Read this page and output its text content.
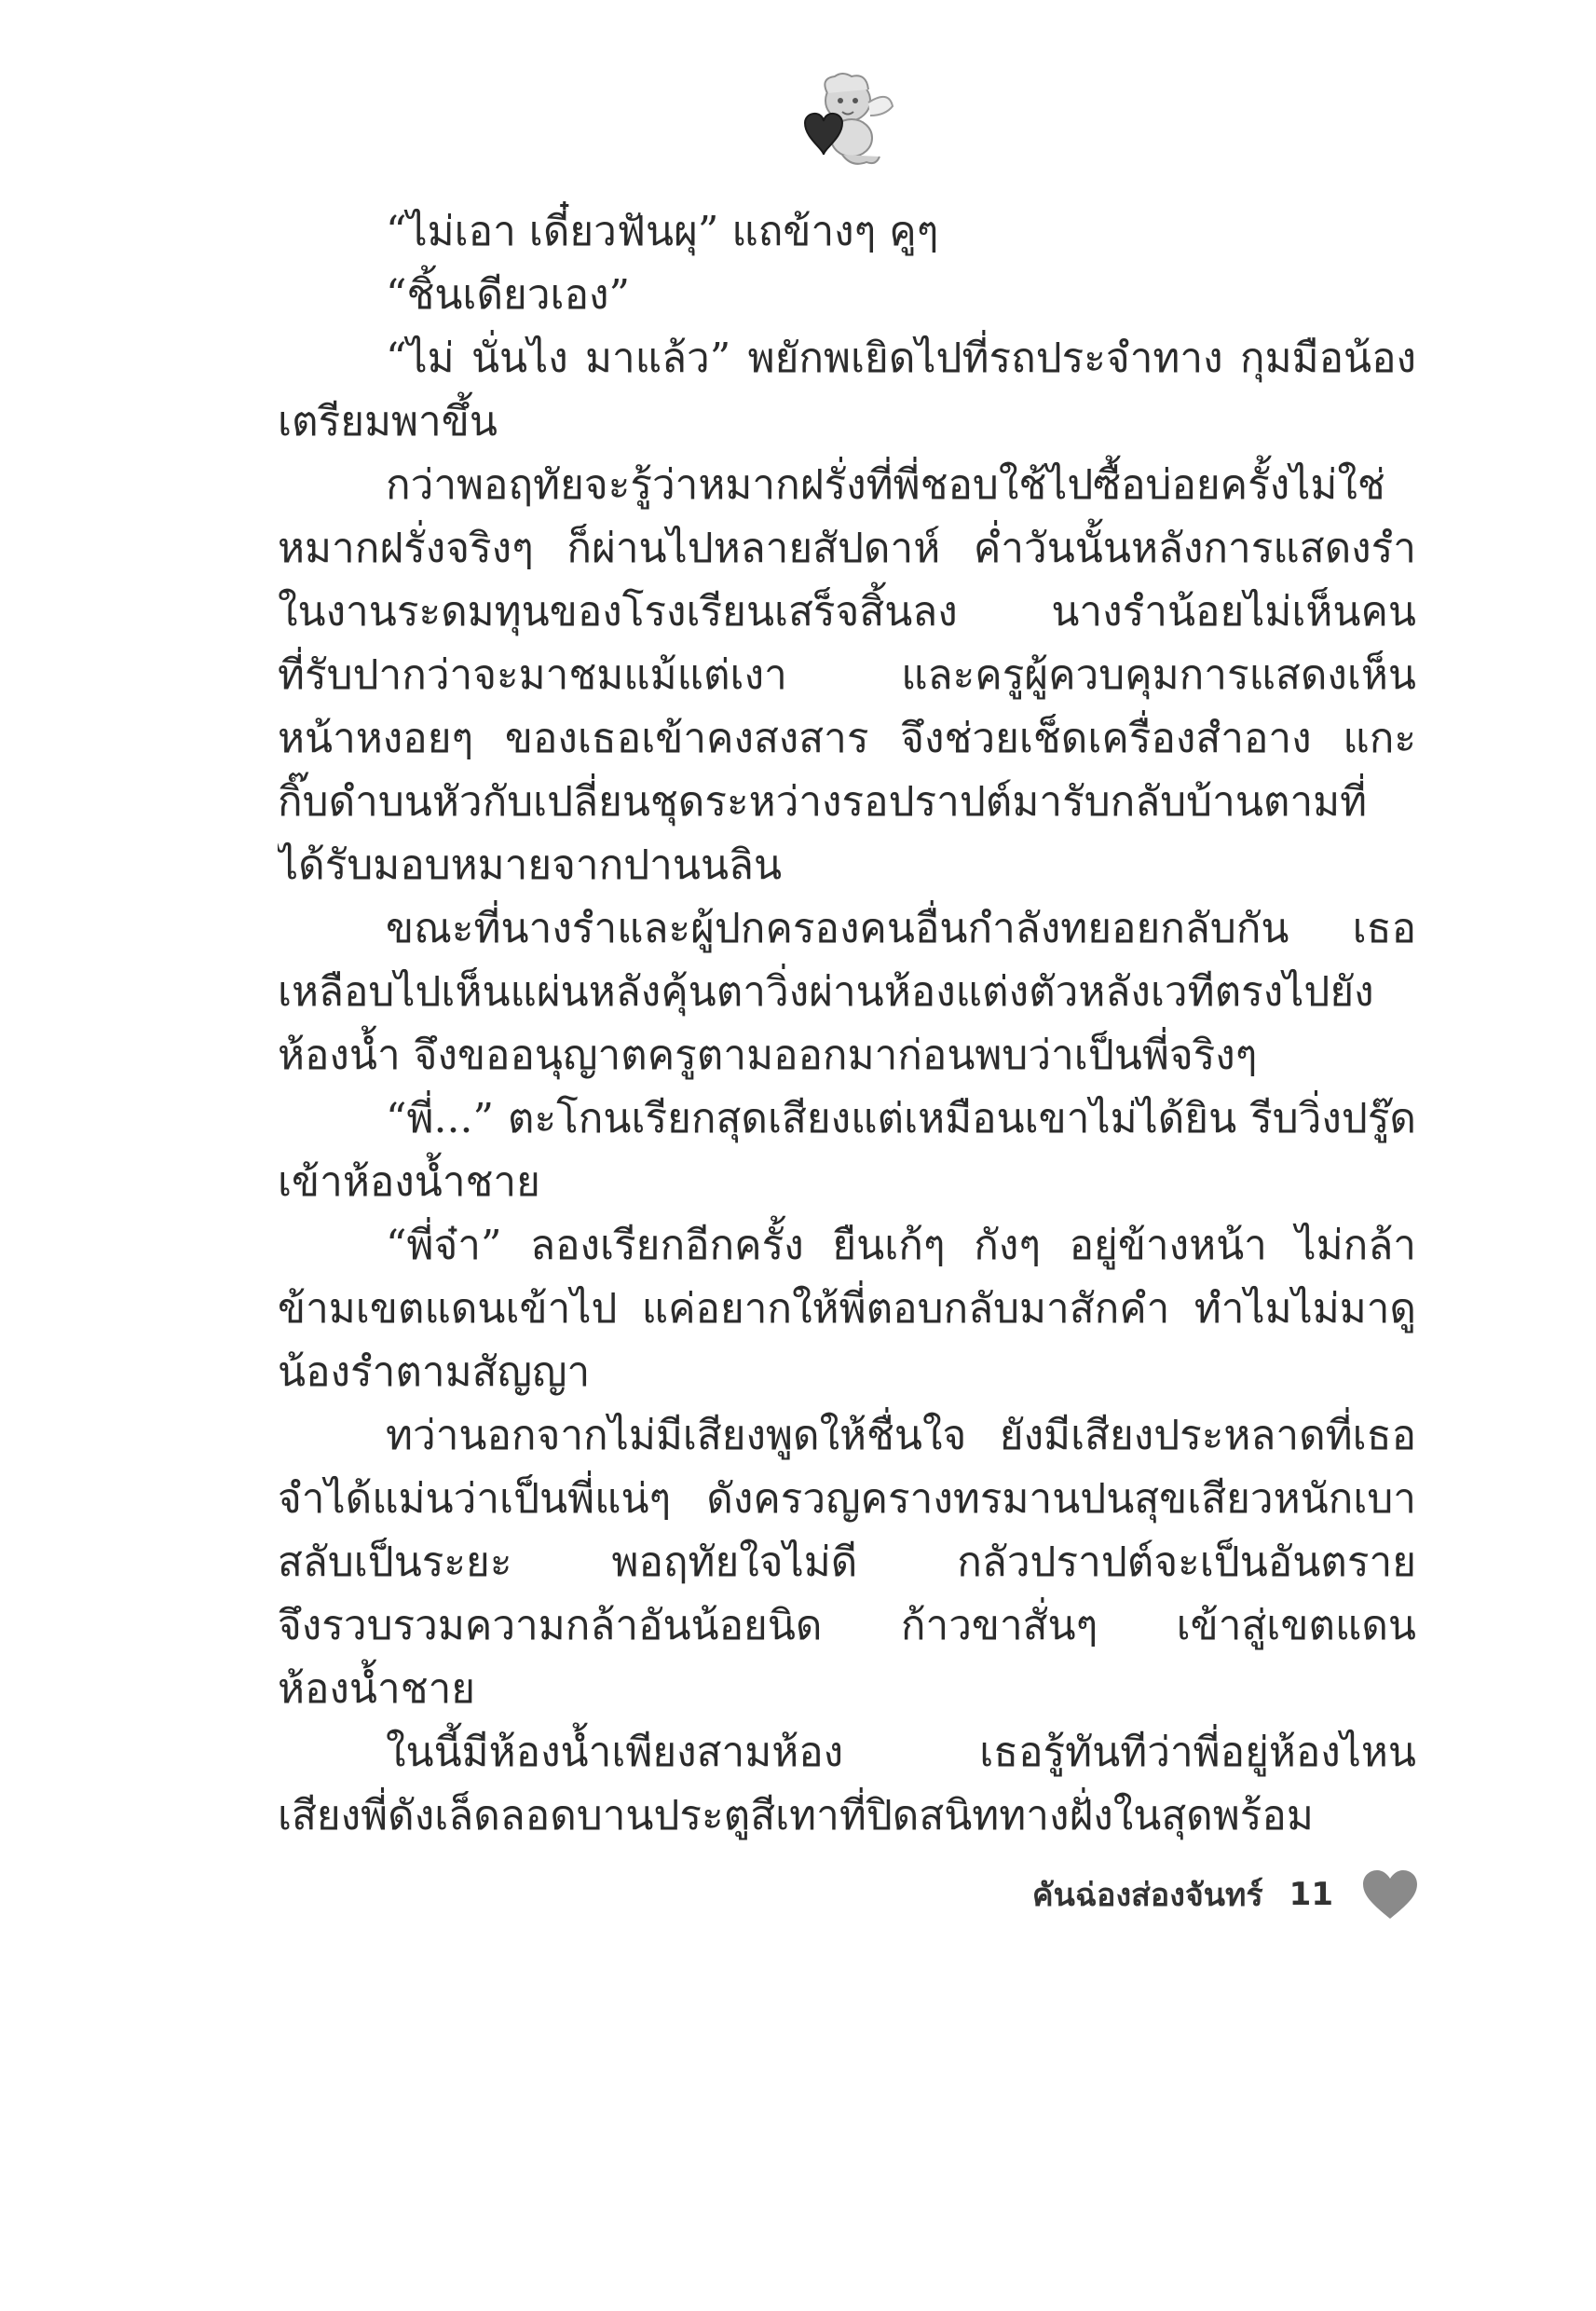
“ไม่เอา เดี๋ยวฟันผุ” แถข้างๆ คูๆ
“ชิ้นเดียวเอง”
“ไม่ นั่นไง มาแล้ว” พยักพเยิดไปที่รถประจำทาง กุมมือน้อง
เตรียมพาขึ้น
กว่าพอฤทัยจะรู้ว่าหมากฝรั่งที่พี่ชอบใช้ไปซื้อบ่อยครั้งไม่ใช่
หมากฝรั่งจริงๆ ก็ผ่านไปหลายสัปดาห์ ค่ำวันนั้นหลังการแสดงรำ
ในงานระดมทุนของโรงเรียนเสร็จสิ้นลง นางรำน้อยไม่เห็นคน
ที่รับปากว่าจะมาชมแม้แต่เงา และครูผู้ควบคุมการแสดงเห็น
หน้าหงอยๆ ของเธอเข้าคงสงสาร จึงช่วยเช็ดเครื่องสำอาง แกะ
กิ๊บดำบนหัวกับเปลี่ยนชุดระหว่างรอปราปต์มารับกลับบ้านตามที่
ได้รับมอบหมายจากปานนลิน
ขณะที่นางรำและผู้ปกครองคนอื่นกำลังทยอยกลับกัน เธอ
เหลือบไปเห็นแผ่นหลังคุ้นตาวิ่งผ่านห้องแต่งตัวหลังเวทีตรงไปยัง
ห้องน้ำ จึงขออนุญาตครูตามออกมาก่อนพบว่าเป็นพี่จริงๆ
“พี่...” ตะโกนเรียกสุดเสียงแต่เหมือนเขาไม่ได้ยิน รีบวิ่งปรู๊ด
เข้าห้องน้ำชาย
“พี่จ๋า” ลองเรียกอีกครั้ง ยืนเก้ๆ กังๆ อยู่ข้างหน้า ไม่กล้า
ข้ามเขตแดนเข้าไป แค่อยากให้พี่ตอบกลับมาสักคำ ทำไมไม่มาดู
น้องรำตามสัญญา
ทว่านอกจากไม่มีเสียงพูดให้ชื่นใจ ยังมีเสียงประหลาดที่เธอ
จำได้แม่นว่าเป็นพี่แน่ๆ ดังครวญครางทรมานปนสุขเสียวหนักเบา
สลับเป็นระยะ พอฤทัยใจไม่ดี กลัวปราปต์จะเป็นอันตราย
จึงรวบรวมความกล้าอันน้อยนิด ก้าวขาสั่นๆ เข้าสู่เขตแดน
ห้องน้ำชาย
ในนี้มีห้องน้ำเพียงสามห้อง เธอรู้ทันทีว่าพี่อยู่ห้องไหน
เสียงพี่ดังเล็ดลอดบานประตูสีเทาที่ปิดสนิททางฝั่งในสุดพร้อม
คันฉ่องส่องจันทร์ 11
